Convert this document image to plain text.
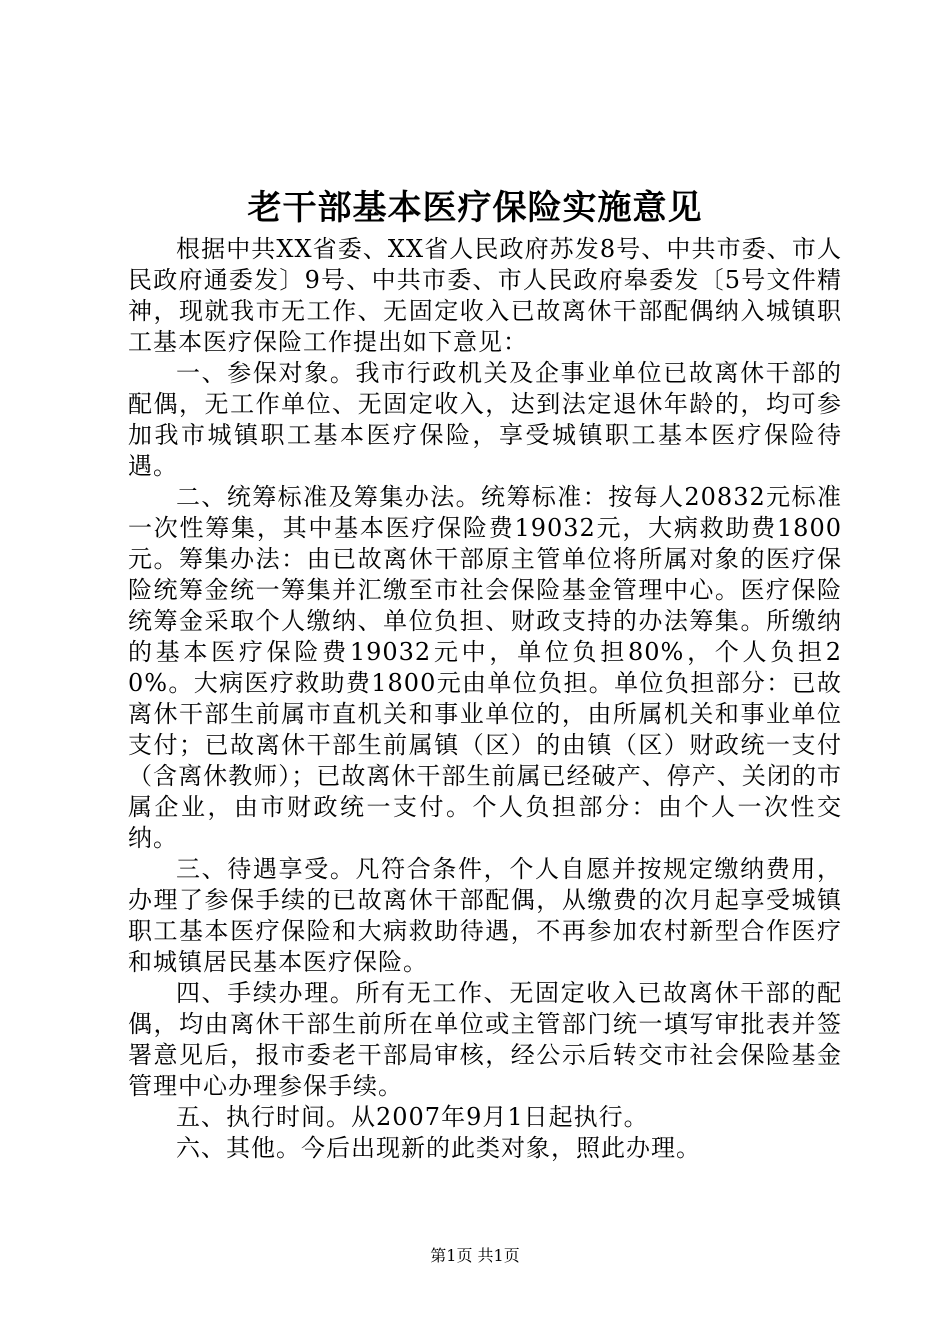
老干部基本医疗保险实施意见

根据中共XX省委、XX省人民政府苏发8号、中共市委、市人民政府通委发〕9号、中共市委、市人民政府皋委发〔5号文件精神，现就我市无工作、无固定收入已故离休干部配偶纳入城镇职工基本医疗保险工作提出如下意见：

一、参保对象。我市行政机关及企事业单位已故离休干部的配偶，无工作单位、无固定收入，达到法定退休年龄的，均可参加我市城镇职工基本医疗保险，享受城镇职工基本医疗保险待遇。

二、统筹标准及筹集办法。统筹标准：按每人20832元标准一次性筹集，其中基本医疗保险费19032元，大病救助费1800元。筹集办法：由已故离休干部原主管单位将所属对象的医疗保险统筹金统一筹集并汇缴至市社会保险基金管理中心。医疗保险统筹金采取个人缴纳、单位负担、财政支持的办法筹集。所缴纳的基本医疗保险费19032元中，单位负担80%，个人负担20%。大病医疗救助费1800元由单位负担。单位负担部分：已故离休干部生前属市直机关和事业单位的，由所属机关和事业单位支付；已故离休干部生前属镇（区）的由镇（区）财政统一支付（含离休教师）；已故离休干部生前属已经破产、停产、关闭的市属企业，由市财政统一支付。个人负担部分：由个人一次性交纳。

三、待遇享受。凡符合条件，个人自愿并按规定缴纳费用，办理了参保手续的已故离休干部配偶，从缴费的次月起享受城镇职工基本医疗保险和大病救助待遇，不再参加农村新型合作医疗和城镇居民基本医疗保险。

四、手续办理。所有无工作、无固定收入已故离休干部的配偶，均由离休干部生前所在单位或主管部门统一填写审批表并签署意见后，报市委老干部局审核，经公示后转交市社会保险基金管理中心办理参保手续。

五、执行时间。从2007年9月1日起执行。

六、其他。今后出现新的此类对象，照此办理。

第1页 共1页
